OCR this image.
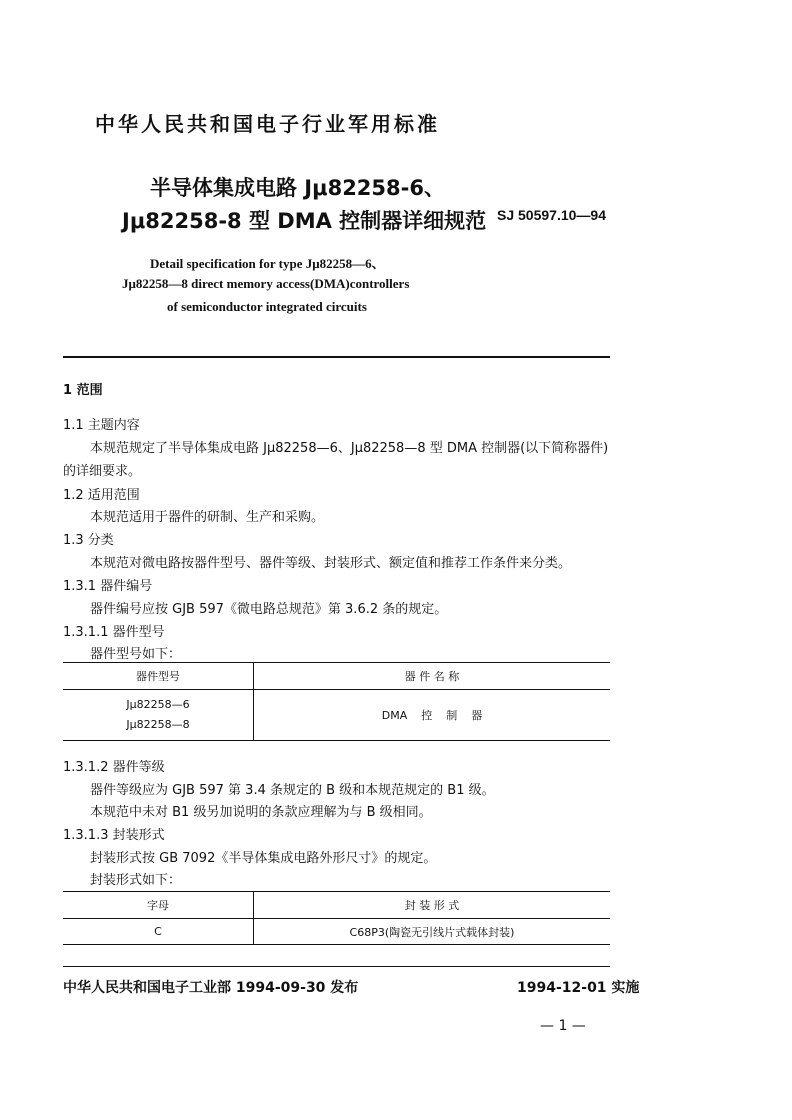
中华人民共和国电子行业军用标准
半导体集成电路 Jμ82258-6、
Jμ82258-8 型 DMA 控制器详细规范 SJ 50597.10—94
Detail specification for type Jμ82258—6、
Jμ82258—8 direct memory access(DMA)controllers
of semiconductor integrated circuits
1 范围
1.1 主题内容
本规范规定了半导体集成电路 Jμ82258—6、Jμ82258—8 型 DMA 控制器(以下简称器件)
的详细要求。
1.2 适用范围
本规范适用于器件的研制、生产和采购。
1.3 分类
本规范对微电路按器件型号、器件等级、封装形式、额定值和推荐工作条件来分类。
1.3.1 器件编号
器件编号应按 GJB 597《微电路总规范》第 3.6.2 条的规定。
1.3.1.1 器件型号
器件型号如下：
器件型号	器 件 名 称

Jμ82258—6
Jμ82258—8	DMA    控    制    器
1.3.1.2 器件等级
器件等级应为 GJB 597 第 3.4 条规定的 B 级和本规范规定的 B1 级。
本规范中未对 B1 级另加说明的条款应理解为与 B 级相同。
1.3.1.3 封装形式
封装形式按 GB 7092《半导体集成电路外形尺寸》的规定。
封装形式如下：
字母	封 装 形 式
C	C68P3(陶瓷无引线片式载体封装)
中华人民共和国电子工业部 1994-09-30 发布	1994-12-01 实施
— 1 —
